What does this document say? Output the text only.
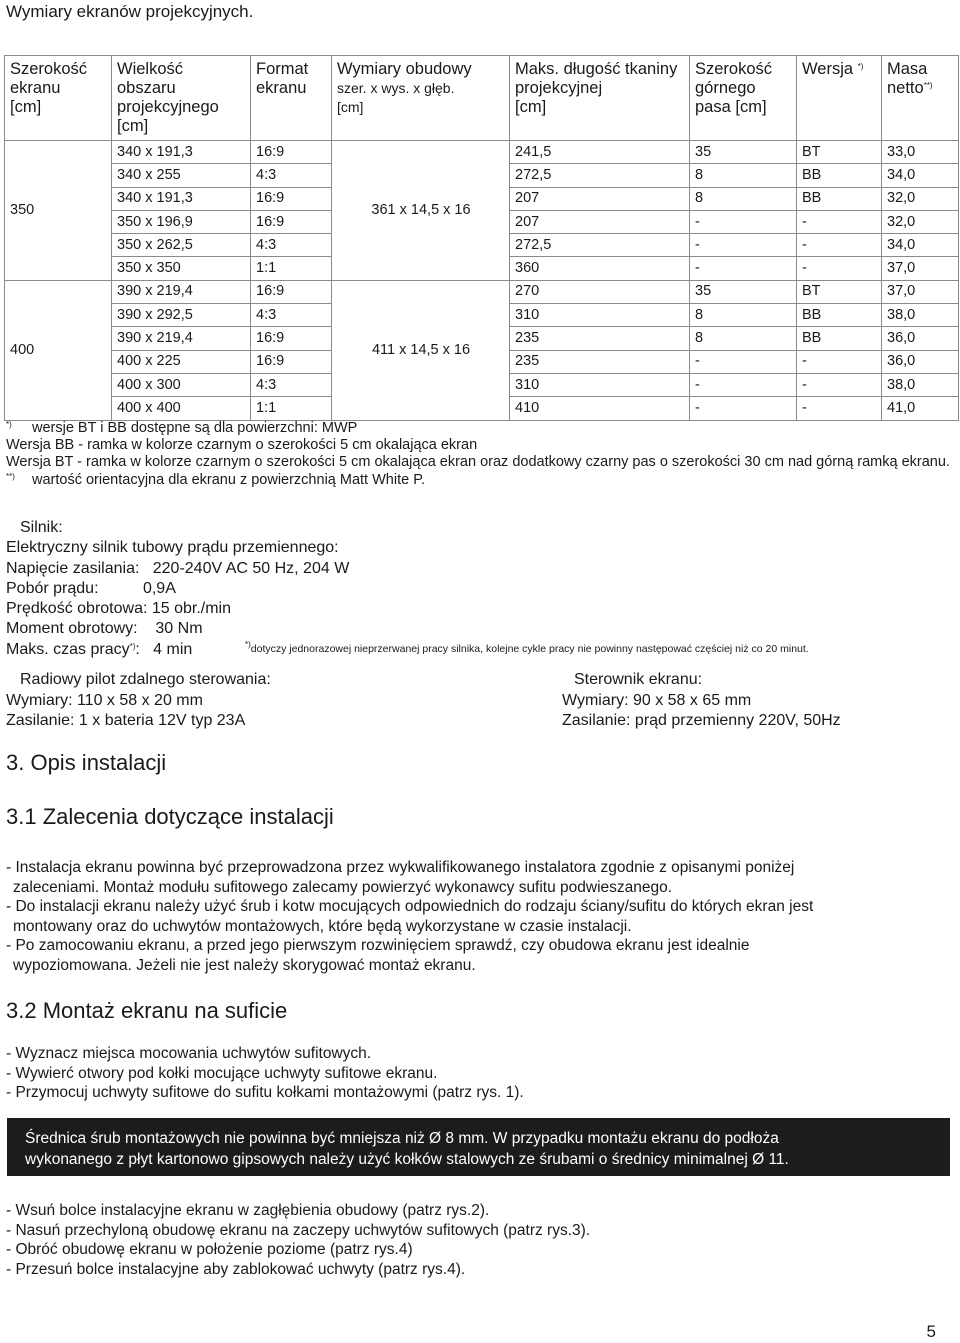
Wymiary ekranów projekcyjnych.
Szerokość
ekranu
[cm]	Wielkość
obszaru
projekcyjnego
[cm]	Format
ekranu	Wymiary obudowy
szer. x wys. x głęb.
[cm]	Maks. długość tkaniny
projekcyjnej
[cm]	Szerokość
górnego
pasa [cm]	Wersja *)	Masa
netto**)
350	340 x 191,3	16:9	361 x 14,5 x 16	241,5	35	BT	33,0
	340 x 255	4:3		272,5	8	BB	34,0
	340 x 191,3	16:9		207	8	BB	32,0
	350 x 196,9	16:9		207	-	-	32,0
	350 x 262,5	4:3		272,5	-	-	34,0
	350 x 350	1:1		360	-	-	37,0
400	390 x 219,4	16:9	411 x 14,5 x 16	270	35	BT	37,0
	390 x 292,5	4:3		310	8	BB	38,0
	390 x 219,4	16:9		235	8	BB	36,0
	400 x 225	16:9		235	-	-	36,0
	400 x 300	4:3		310	-	-	38,0
	400 x 400	1:1		410	-	-	41,0

*) wersje BT i BB dostępne są dla powierzchni: MWP

Wersja BB - ramka w kolorze czarnym o szerokości 5 cm okalająca ekran

Wersja BT - ramka w kolorze czarnym o szerokości 5 cm okalająca ekran oraz dodatkowy czarny pas o szerokości 30 cm nad górną ramką ekranu.

**) wartość orientacyjna dla ekranu z powierzchnią Matt White P.

Silnik:

Elektryczny silnik tubowy prądu przemiennego:

Napięcie zasilania:   220-240V AC 50 Hz, 204 W

Pobór prądu:          0,9A

Prędkość obrotowa: 15 obr./min

Moment obrotowy:    30 Nm

Maks. czas pracy*):   4 min	*)dotyczy jednorazowej nieprzerwanej pracy silnika, kolejne cykle pracy nie powinny następować częściej niż co 20 minut.

Radiowy pilot zdalnego sterowania:

Wymiary: 110 x 58 x 20 mm

Zasilanie: 1 x bateria 12V typ 23A

Sterownik ekranu:

Wymiary: 90 x 58 x 65 mm

Zasilanie: prąd przemienny 220V, 50Hz

3. Opis instalacji
3.1 Zalecenia dotyczące instalacji

- Instalacja ekranu powinna być przeprowadzona przez wykwalifikowanego instalatora zgodnie z opisanymi poniżej

zaleceniami. Montaż modułu sufitowego zalecamy powierzyć wykonawcy sufitu podwieszanego.

- Do instalacji ekranu należy użyć śrub i kotw mocujących odpowiednich do rodzaju ściany/sufitu do których ekran jest

montowany oraz do uchwytów montażowych, które będą wykorzystane w czasie instalacji.

- Po zamocowaniu ekranu, a przed jego pierwszym rozwinięciem sprawdź, czy obudowa ekranu jest idealnie

wypoziomowana. Jeżeli nie jest należy skorygować montaż ekranu.

3.2 Montaż ekranu na suficie

- Wyznacz miejsca mocowania uchwytów sufitowych.

- Wywierć otwory pod kołki mocujące uchwyty sufitowe ekranu.

- Przymocuj uchwyty sufitowe do sufitu kołkami montażowymi (patrz rys. 1).

Średnica śrub montażowych nie powinna być mniejsza niż Ø 8 mm. W przypadku montażu ekranu do podłoża

wykonanego z płyt kartonowo gipsowych należy użyć kołków stalowych ze śrubami o średnicy minimalnej Ø 11.

- Wsuń bolce instalacyjne ekranu w zagłębienia obudowy (patrz rys.2).

- Nasuń przechyloną obudowę ekranu na zaczepy uchwytów sufitowych (patrz rys.3).

- Obróć obudowę ekranu w położenie poziome (patrz rys.4)

- Przesuń bolce instalacyjne aby zablokować uchwyty (patrz rys.4).

5
